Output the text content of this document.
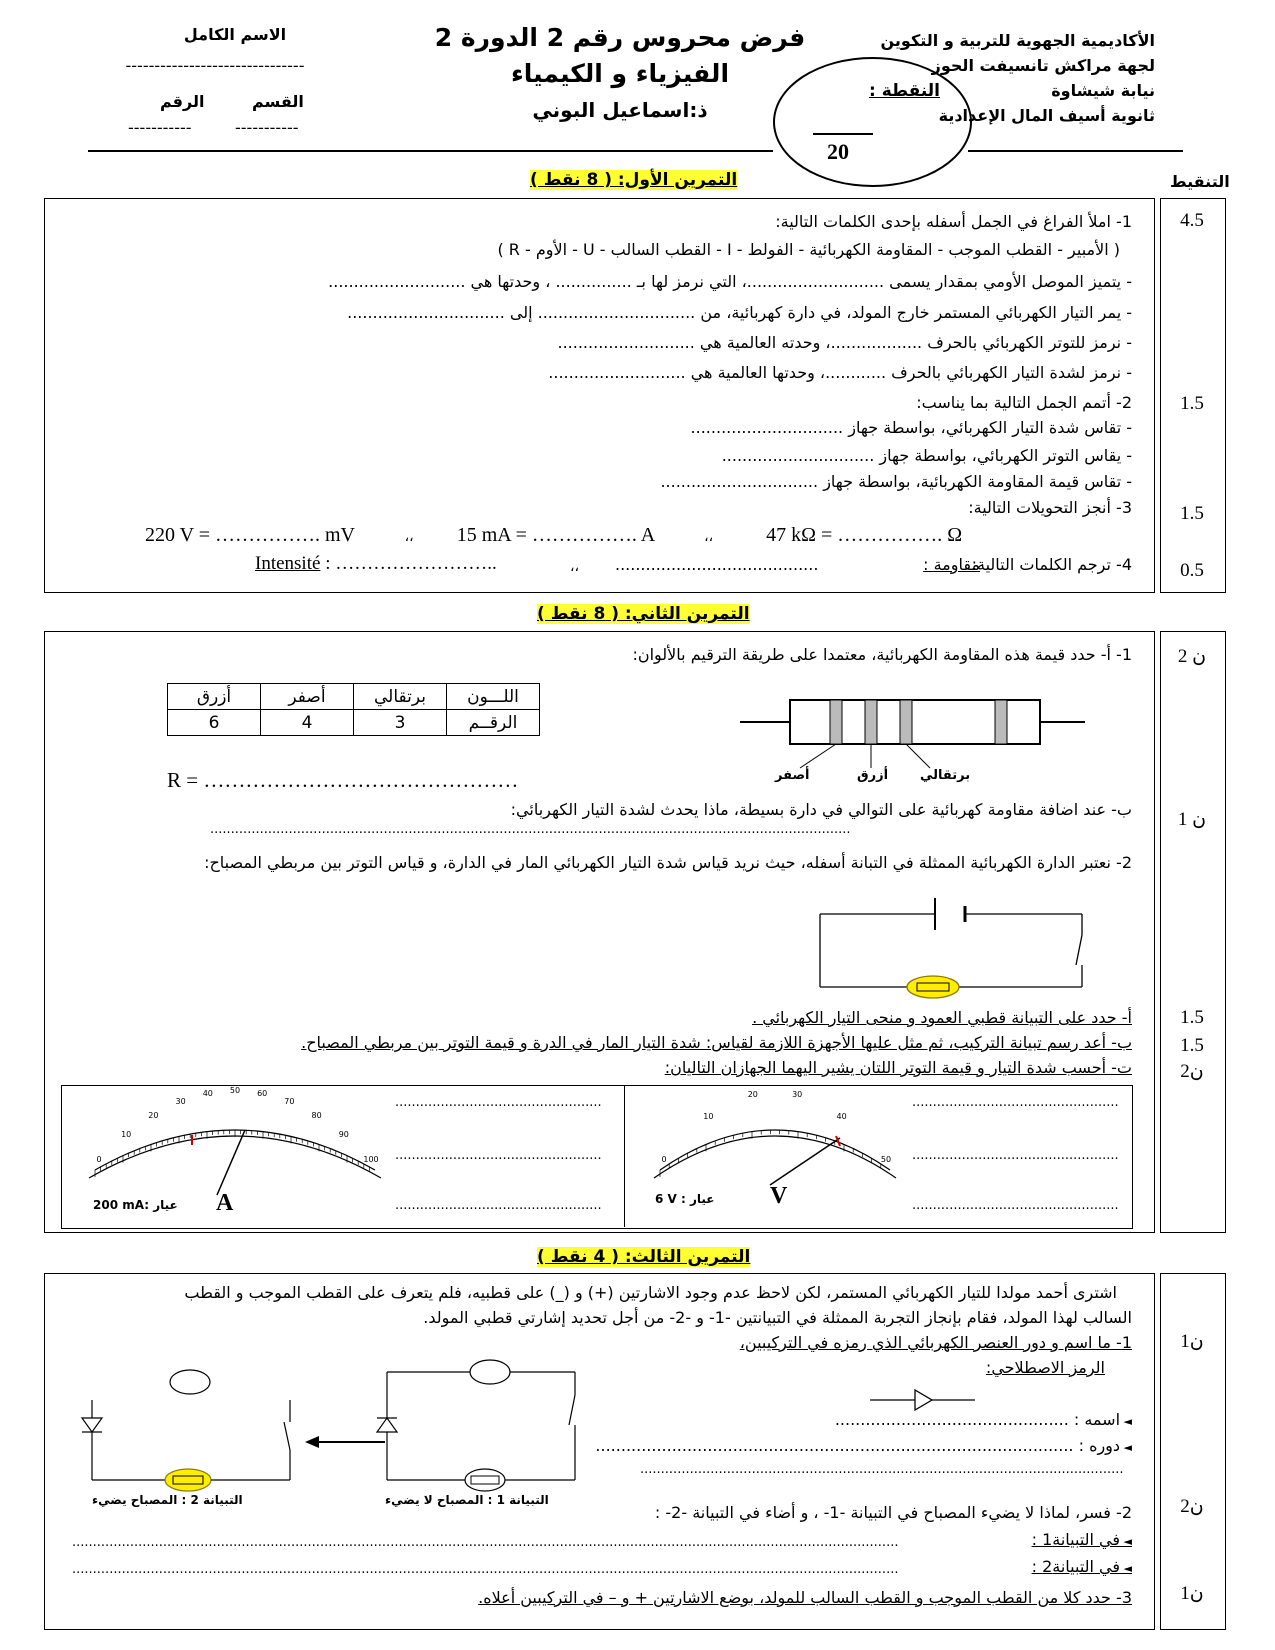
الأكاديمية الجهوية للتربية و التكوين
لجهة مراكش تانسيفت الحوز
نيابة شيشاوة
ثانوية أسيف المال الإعدادية
فرض محروس رقم 2 الدورة 2
الفيزياء و الكيمياء
ذ:اسماعيل البوني
الاسم الكامل
-------------------------------
القسم
الرقم
-----------
-----------
النقطة :
20
التنقيط
التمرين الأول: ( 8 نقط )
4.5
1.5
1.5
0.5
1- املأ الفراغ في الجمل أسفله بإحدى الكلمات التالية:
( الأمبير - القطب الموجب - المقاومة الكهربائية - الفولط - I - القطب السالب - U - الأوم - R )
- يتميز الموصل الأومي بمقدار يسمى ...........................، التي نرمز لها بـ ............... ، وحدتها هي ...........................
- يمر التيار الكهربائي المستمر خارج المولد، في دارة كهربائية، من ............................... إلى ...............................
- نرمز للتوتر الكهربائي بالحرف ..................، وحدته العالمية هي ...........................
- نرمز لشدة التيار الكهربائي بالحرف ............، وحدتها العالمية هي ...........................
2- أتمم الجمل التالية بما يناسب:
- تقاس شدة التيار الكهربائي، بواسطة جهاز ..............................
- يقاس التوتر الكهربائي، بواسطة جهاز ..............................
- تقاس قيمة المقاومة الكهربائية، بواسطة جهاز ...............................
3- أنجز التحويلات التالية:
220 V = ……………. mV	،، 15 mA = ……………. A	،،	47 kΩ = ……………. Ω
4- ترجم الكلمات التالية:
مقاومة :
........................................
،،
Intensité : ……………………..
التمرين الثاني: ( 8 نقط )
2 ن
1 ن
1.5
1.5
2ن
1- أ- حدد قيمة هذه المقاومة الكهربائية، معتمدا على طريقة الترقيم بالألوان:
اللـــون	برتقالي	أصفر	أزرق
الرقــم	3	4	6
أصفر	أزرق برتقالي
R = ………………………………………
ب- عند اضافة مقاومة كهربائية على التوالي في دارة بسيطة، ماذا يحدث لشدة التيار الكهربائي:
...........................................................................................................................................................
2- نعتبر الدارة الكهربائية الممثلة في التبانة أسفله، حيث نريد قياس شدة التيار الكهربائي المار في الدارة، و قياس التوتر بين مربطي المصباح:
أ- حدد على التبيانة قطبي العمود و منحى التيار الكهربائي .
ب- أعد رسم تبيانة التركيب، ثم مثل عليها الأجهزة اللازمة لقياس: شدة التيار المار في الدرة و قيمة التوتر بين مربطي المصباح.
ت- أحسب شدة التيار و قيمة التوتر اللتان يشير اليهما الجهازان التاليان:
..................................................
..................................................
..................................................
..................................................
..................................................
..................................................
0
10
20
30
40 50 60
70
80
90
100
A
200 mA: عيار
0
10
20	30
40
50
V
6 V : عيار
التمرين الثالث: ( 4 نقط )
1ن
2ن
1ن
اشترى أحمد مولدا للتيار الكهربائي المستمر، لكن لاحظ عدم وجود الاشارتين (+) و (_) على قطبيه، فلم يتعرف على القطب الموجب و القطب
السالب لهذا المولد، فقام بإنجاز التجربة الممثلة في التبيانتين -1- و -2- من أجل تحديد إشارتي قطبي المولد.
1- ما اسم و دور العنصر الكهربائي الذي رمزه في التركيبين،
الرمز الاصطلاحي:
◄ اسمه : ..............................................
◄ دوره : ..............................................................................................
.....................................................................................................................
التبيانة 1 : المصباح لا يضيء
التبيانة 2 : المصباح يضيء
2- فسر، لماذا لا يضيء المصباح في التبيانة -1- ، و أضاء في التبيانة -2- :
◄ في التبيانة1 :
........................................................................................................................................................................................................
◄ في التبيانة2 :
........................................................................................................................................................................................................
3- حدد كلا من القطب الموجب و القطب السالب للمولد، بوضع الاشارتين + و – في التركيبين أعلاه.
